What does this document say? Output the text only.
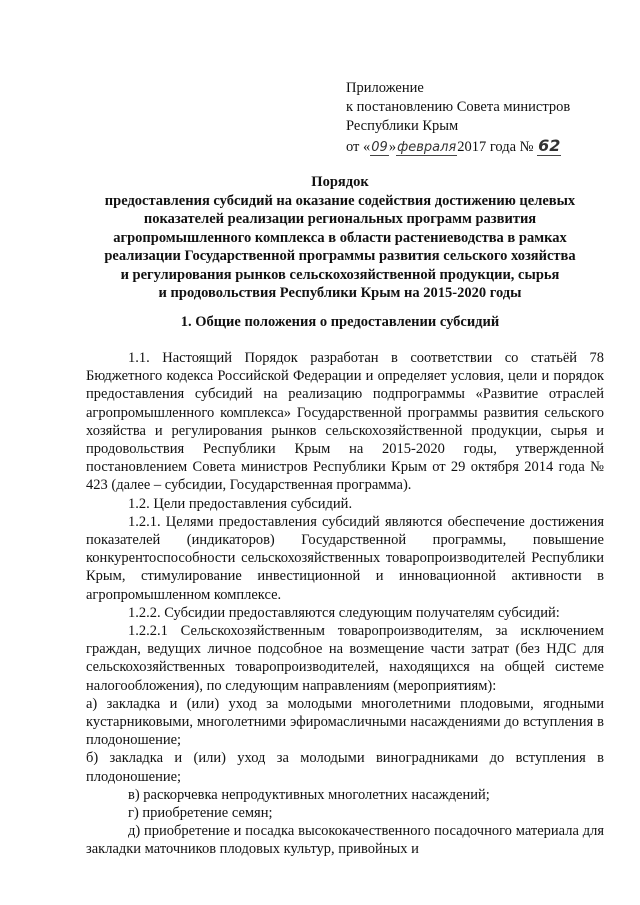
Приложение
к постановлению Совета министров
Республики Крым
от «09»февраля2017 года № 62
Порядок
предоставления субсидий на оказание содействия достижению целевых
показателей реализации региональных программ развития
агропромышленного комплекса в области растениеводства в рамках
реализации Государственной программы развития сельского хозяйства
и регулирования рынков сельскохозяйственной продукции, сырья
и продовольствия Республики Крым на 2015-2020 годы
1. Общие положения о предоставлении субсидий

1.1. Настоящий Порядок разработан в соответствии со статьёй 78 Бюджетного кодекса Российской Федерации и определяет условия, цели и порядок предоставления субсидий на реализацию подпрограммы «Развитие отраслей агропромышленного комплекса» Государственной программы развития сельского хозяйства и регулирования рынков сельскохозяйственной продукции, сырья и продовольствия Республики Крым на 2015-2020 годы, утвержденной постановлением Совета министров Республики Крым от 29 октября 2014 года № 423 (далее – субсидии, Государственная программа).

1.2. Цели предоставления субсидий.

1.2.1. Целями предоставления субсидий являются обеспечение достижения показателей (индикаторов) Государственной программы, повышение конкурентоспособности сельскохозяйственных товаропроизводителей Республики Крым, стимулирование инвестиционной и инновационной активности в агропромышленном комплексе.

1.2.2. Субсидии предоставляются следующим получателям субсидий:

1.2.2.1 Сельскохозяйственным товаропроизводителям, за исключением граждан, ведущих личное подсобное на возмещение части затрат (без НДС для сельскохозяйственных товаропроизводителей, находящихся на общей системе налогообложения), по следующим направлениям (мероприятиям):

а) закладка и (или) уход за молодыми многолетними плодовыми, ягодными кустарниковыми, многолетними эфиромасличными насаждениями до вступления в плодоношение;

б) закладка и (или) уход за молодыми виноградниками до вступления в плодоношение;

в) раскорчевка непродуктивных многолетних насаждений;

г) приобретение семян;

д) приобретение и посадка высококачественного посадочного материала для закладки маточников плодовых культур, привойных и
